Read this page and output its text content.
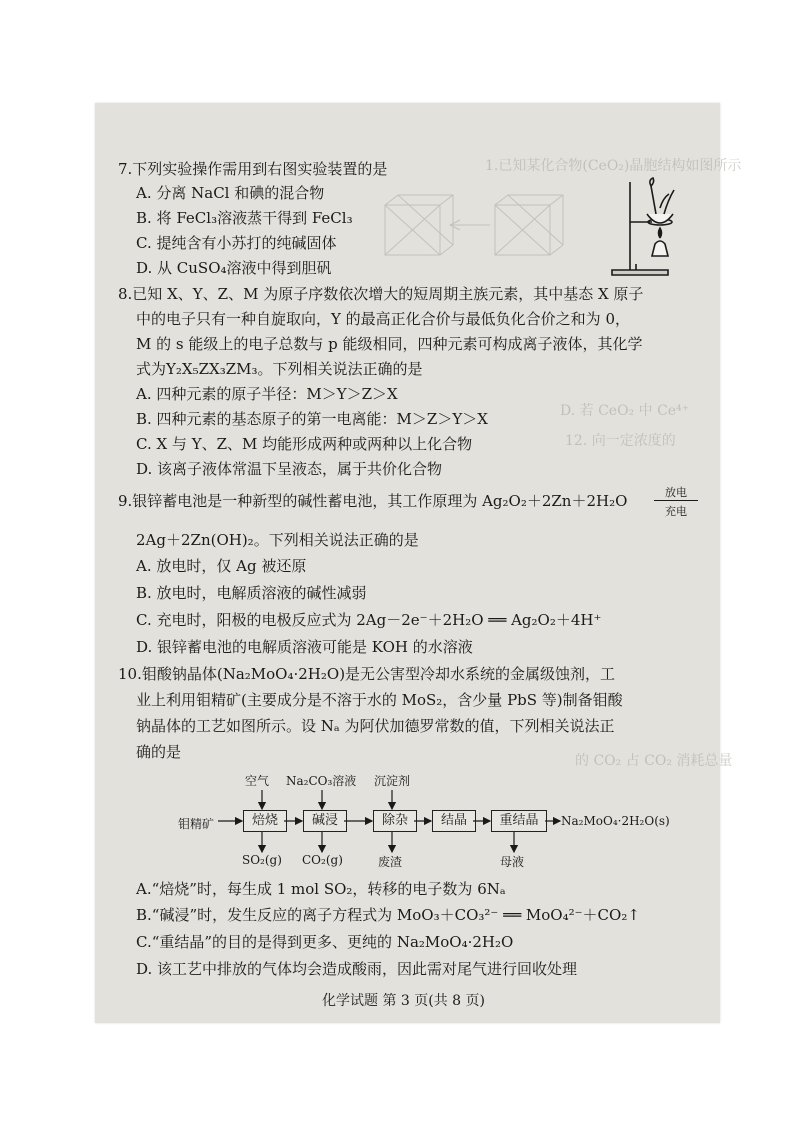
1.已知某化合物(CeO₂)晶胞结构如图所示
D. 若 CeO₂ 中 Ce⁴⁺
12. 向一定浓度的
的 CO₂ 占 CO₂ 消耗总量
7.下列实验操作需用到右图实验装置的是
A. 分离 NaCl 和碘的混合物
B. 将 FeCl₃溶液蒸干得到 FeCl₃
C. 提纯含有小苏打的纯碱固体
D. 从 CuSO₄溶液中得到胆矾
8.已知 X、Y、Z、M 为原子序数依次增大的短周期主族元素，其中基态 X 原子
中的电子只有一种自旋取向，Y 的最高正化合价与最低负化合价之和为 0，
M 的 s 能级上的电子总数与 p 能级相同，四种元素可构成离子液体，其化学
式为Y₂X₅ZX₃ZM₃。下列相关说法正确的是
A. 四种元素的原子半径：M＞Y＞Z＞X
B. 四种元素的基态原子的第一电离能：M＞Z＞Y＞X
C. X 与 Y、Z、M 均能形成两种或两种以上化合物
D. 该离子液体常温下呈液态，属于共价化合物
9.银锌蓄电池是一种新型的碱性蓄电池，其工作原理为 Ag₂O₂＋2Zn＋2H₂O	放电
充电
2Ag＋2Zn(OH)₂。下列相关说法正确的是
A. 放电时，仅 Ag 被还原
B. 放电时，电解质溶液的碱性减弱
C. 充电时，阳极的电极反应式为 2Ag－2e⁻＋2H₂O ══ Ag₂O₂＋4H⁺
D. 银锌蓄电池的电解质溶液可能是 KOH 的水溶液
10.钼酸钠晶体(Na₂MoO₄·2H₂O)是无公害型冷却水系统的金属级蚀剂，工
业上利用钼精矿(主要成分是不溶于水的 MoS₂，含少量 PbS 等)制备钼酸
钠晶体的工艺如图所示。设 Nₐ 为阿伏加德罗常数的值，下列相关说法正
确的是
空气 Na₂CO₃溶液 沉淀剂
钼精矿	焙烧	碱浸	除杂	结晶	重结晶	Na₂MoO₄·2H₂O(s)
SO₂(g) CO₂(g)	废渣	母液
A.“焙烧”时，每生成 1 mol SO₂，转移的电子数为 6Nₐ
B.“碱浸”时，发生反应的离子方程式为 MoO₃＋CO₃²⁻ ══ MoO₄²⁻＋CO₂↑
C.“重结晶”的目的是得到更多、更纯的 Na₂MoO₄·2H₂O
D. 该工艺中排放的气体均会造成酸雨，因此需对尾气进行回收处理
化学试题 第 3 页(共 8 页)
